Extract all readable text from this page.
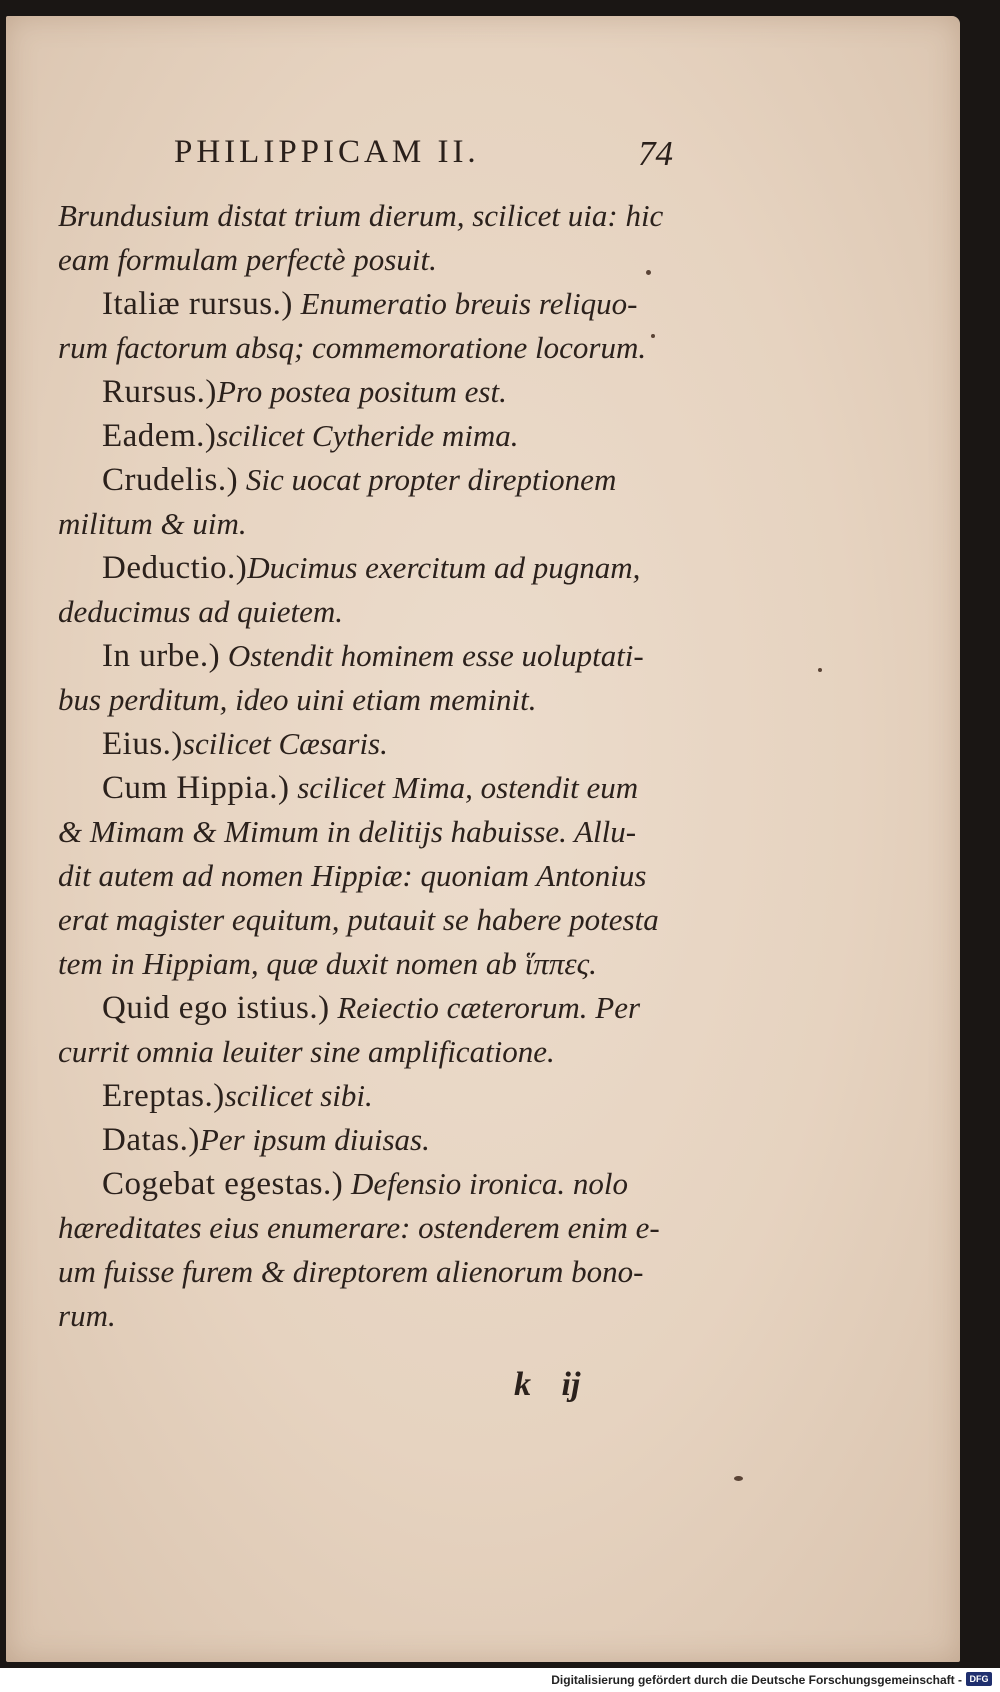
PHILIPPICAM II.	74
Brundusium distat trium dierum, scilicet uia: hic
eam formulam perfectè posuit.
Italiæ rursus.) Enumeratio breuis reliquo-
rum factorum absq; commemoratione locorum.
Rursus.)Pro postea positum est.
Eadem.)scilicet Cytheride mima.
Crudelis.) Sic uocat propter direptionem
militum & uim.
Deductio.)Ducimus exercitum ad pugnam,
deducimus ad quietem.
In urbe.) Ostendit hominem esse uoluptati-
bus perditum, ideo uini etiam meminit.
Eius.)scilicet Cæsaris.
Cum Hippia.) scilicet Mima, ostendit eum
& Mimam & Mimum in delitijs habuisse. Allu-
dit autem ad nomen Hippiæ: quoniam Antonius
erat magister equitum, putauit se habere potesta
tem in Hippiam, quæ duxit nomen ab ἵππες.
Quid ego istius.) Reiectio cæterorum. Per
currit omnia leuiter sine amplificatione.
Ereptas.)scilicet sibi.
Datas.)Per ipsum diuisas.
Cogebat egestas.) Defensio ironica. nolo
hæreditates eius enumerare: ostenderem enim e-
um fuisse furem & direptorem alienorum bono-
rum.
k ij
Digitalisierung gefördert durch die Deutsche Forschungsgemeinschaft - DFG
